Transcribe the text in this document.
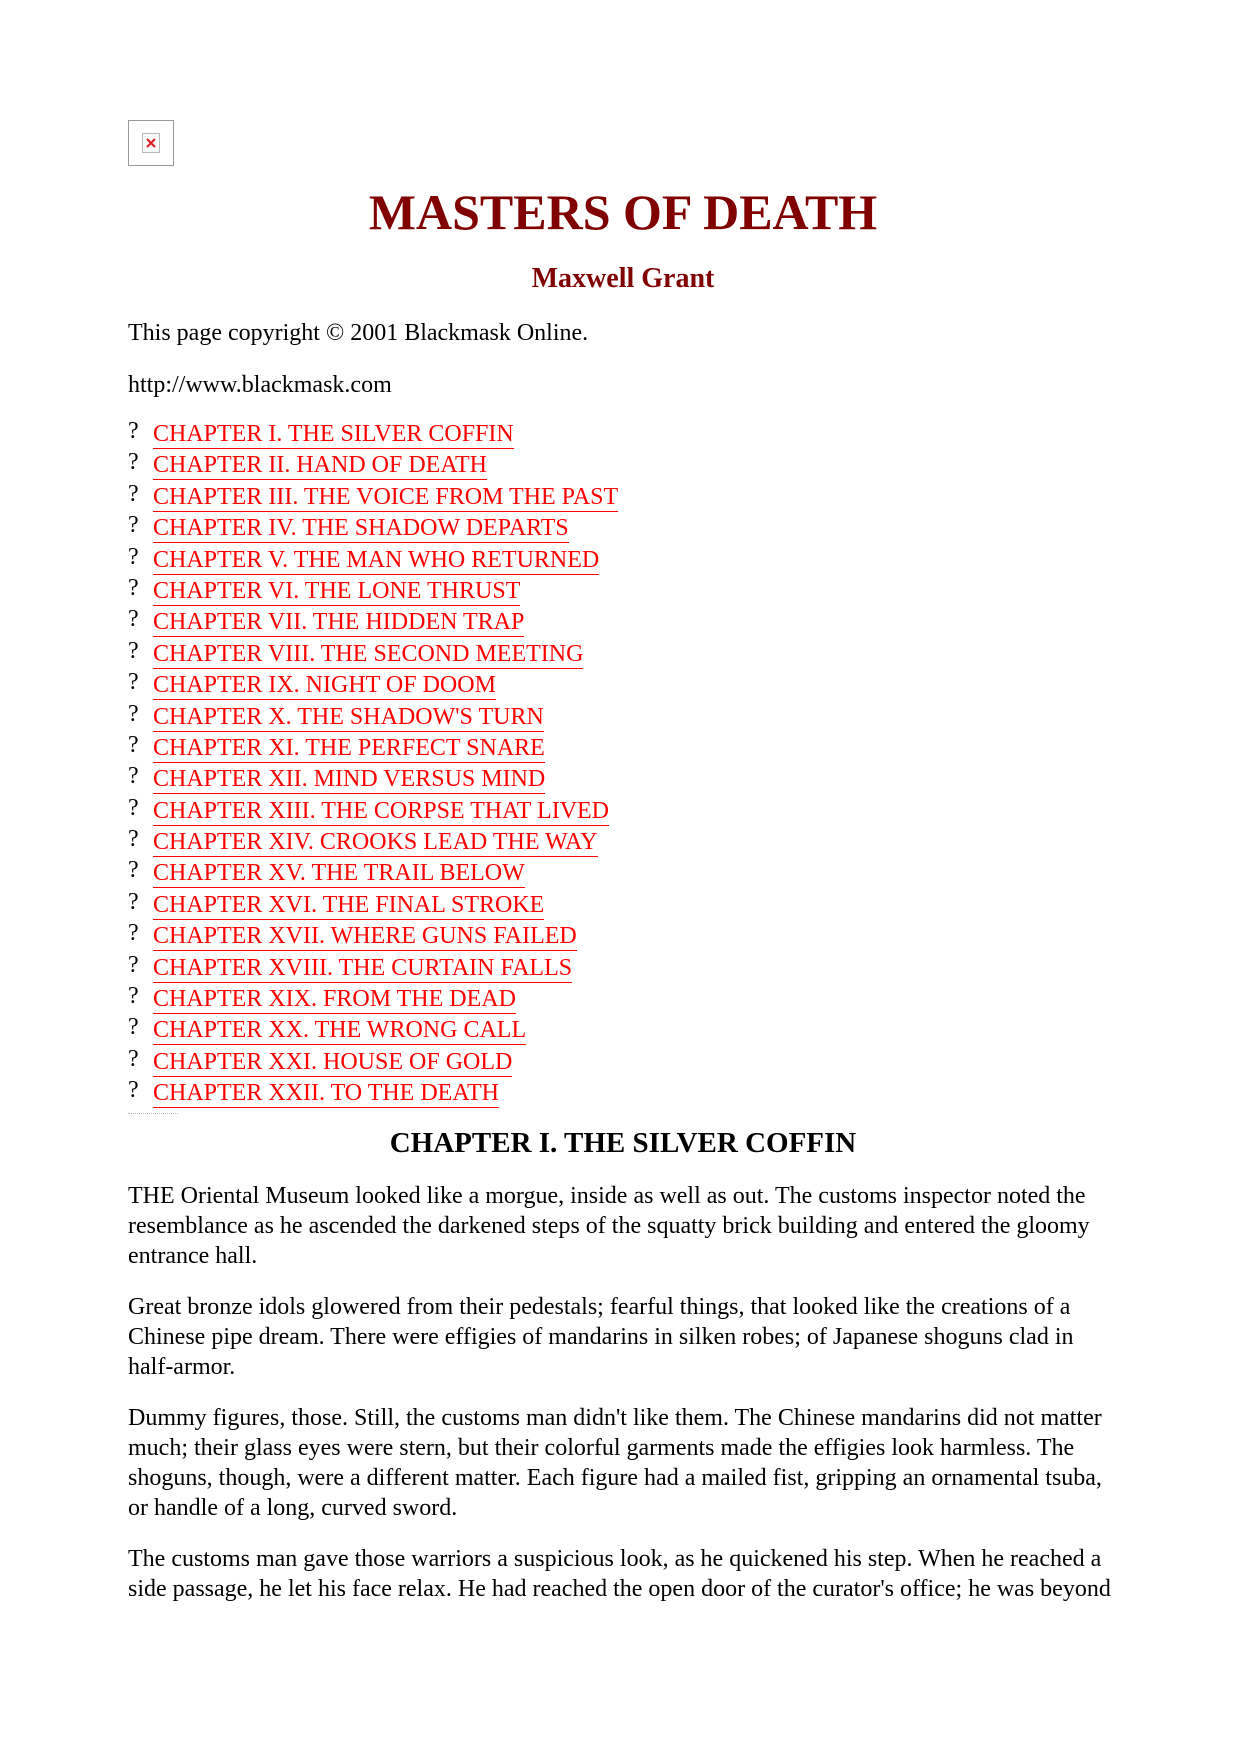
MASTERS OF DEATH
Maxwell Grant

This page copyright © 2001 Blackmask Online.

http://www.blackmask.com

? CHAPTER I. THE SILVER COFFIN
? CHAPTER II. HAND OF DEATH
? CHAPTER III. THE VOICE FROM THE PAST
? CHAPTER IV. THE SHADOW DEPARTS
? CHAPTER V. THE MAN WHO RETURNED
? CHAPTER VI. THE LONE THRUST
? CHAPTER VII. THE HIDDEN TRAP
? CHAPTER VIII. THE SECOND MEETING
? CHAPTER IX. NIGHT OF DOOM
? CHAPTER X. THE SHADOW'S TURN
? CHAPTER XI. THE PERFECT SNARE
? CHAPTER XII. MIND VERSUS MIND
? CHAPTER XIII. THE CORPSE THAT LIVED
? CHAPTER XIV. CROOKS LEAD THE WAY
? CHAPTER XV. THE TRAIL BELOW
? CHAPTER XVI. THE FINAL STROKE
? CHAPTER XVII. WHERE GUNS FAILED
? CHAPTER XVIII. THE CURTAIN FALLS
? CHAPTER XIX. FROM THE DEAD
? CHAPTER XX. THE WRONG CALL
? CHAPTER XXI. HOUSE OF GOLD
? CHAPTER XXII. TO THE DEATH
CHAPTER I. THE SILVER COFFIN

THE Oriental Museum looked like a morgue, inside as well as out. The customs inspector noted the resemblance as he ascended the darkened steps of the squatty brick building and entered the gloomy entrance hall.

Great bronze idols glowered from their pedestals; fearful things, that looked like the creations of a Chinese pipe dream. There were effigies of mandarins in silken robes; of Japanese shoguns clad in half-armor.

Dummy figures, those. Still, the customs man didn't like them. The Chinese mandarins did not matter much; their glass eyes were stern, but their colorful garments made the effigies look harmless. The shoguns, though, were a different matter. Each figure had a mailed fist, gripping an ornamental tsuba, or handle of a long, curved sword.

The customs man gave those warriors a suspicious look, as he quickened his step. When he reached a side passage, he let his face relax. He had reached the open door of the curator's office; he was beyond
